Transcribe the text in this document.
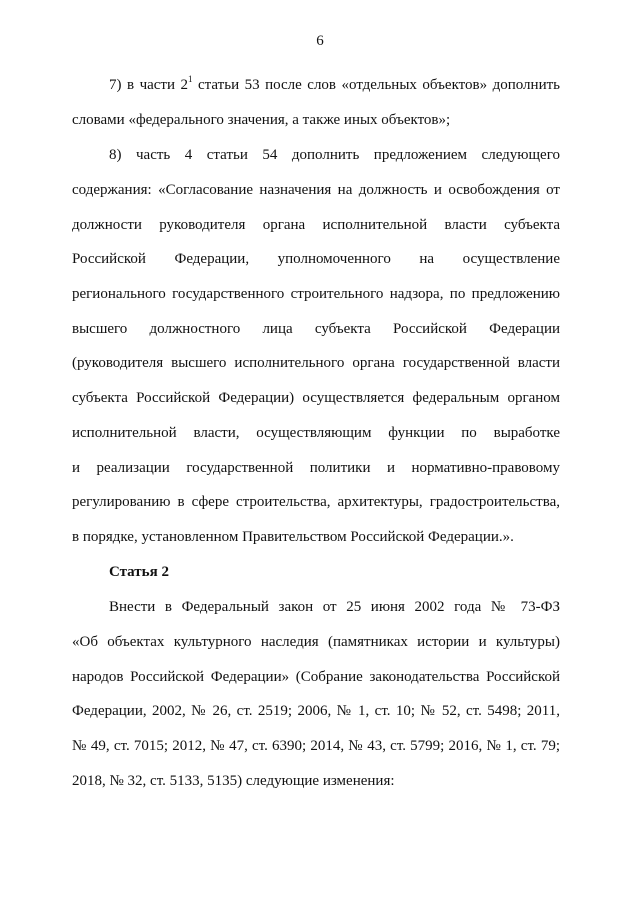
6

7) в части $2^1$ статьи 53 после слов «отдельных объектов» дополнить
словами «федерального значения, а также иных объектов»;

8) часть 4 статьи 54 дополнить предложением следующего
содержания: «Согласование назначения на должность и освобождения от
должности руководителя органа исполнительной власти субъекта
Российской Федерации, уполномоченного на осуществление
регионального государственного строительного надзора, по предложению
высшего должностного лица субъекта Российской Федерации
(руководителя высшего исполнительного органа государственной власти
субъекта Российской Федерации) осуществляется федеральным органом
исполнительной власти, осуществляющим функции по выработке
и реализации государственной политики и нормативно-правовому
регулированию в сфере строительства, архитектуры, градостроительства,
в порядке, установленном Правительством Российской Федерации.».

Статья 2

Внести в Федеральный закон от 25 июня 2002 года № 73-ФЗ
«Об объектах культурного наследия (памятниках истории и культуры)
народов Российской Федерации» (Собрание законодательства Российской
Федерации, 2002, № 26, ст. 2519; 2006, № 1, ст. 10; № 52, ст. 5498; 2011,
№ 49, ст. 7015; 2012, № 47, ст. 6390; 2014, № 43, ст. 5799; 2016, № 1, ст. 79;
2018, № 32, ст. 5133, 5135) следующие изменения:
